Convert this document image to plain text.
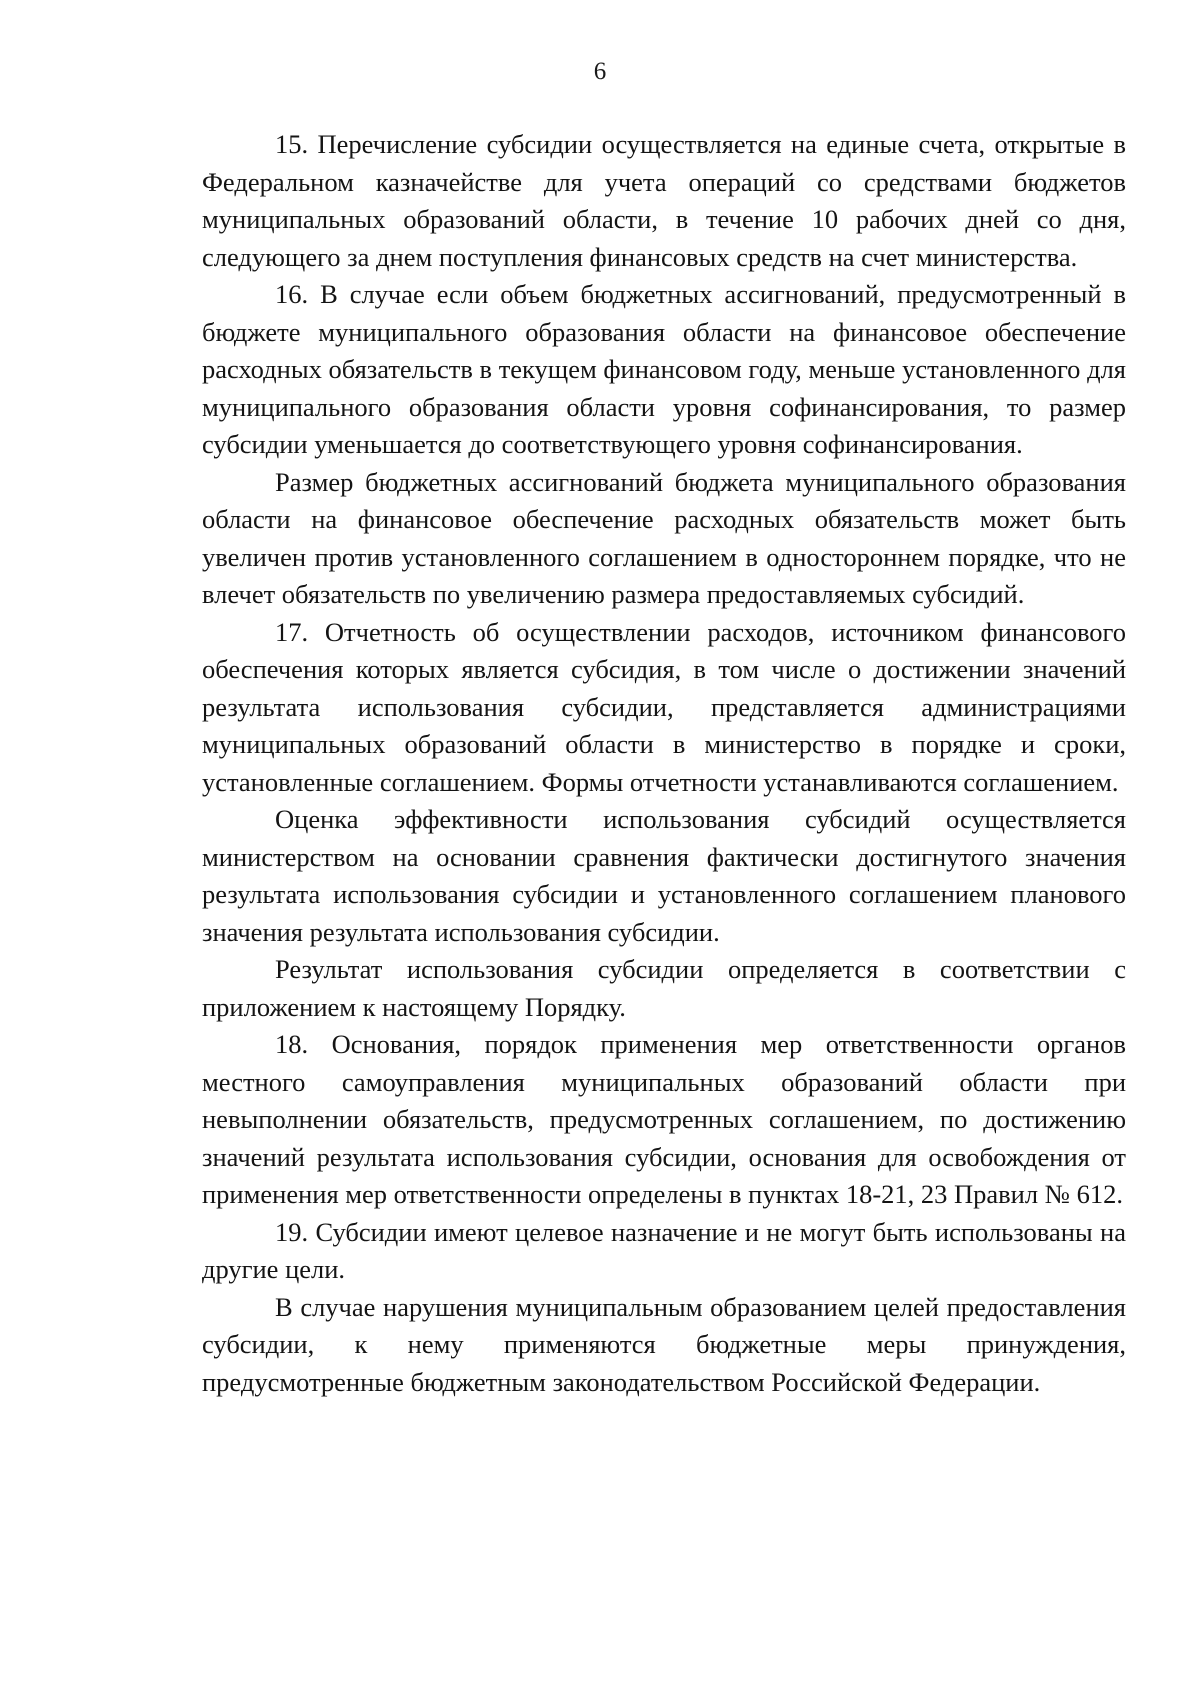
6

15. Перечисление субсидии осуществляется на единые счета, открытые в Федеральном казначействе для учета операций со средствами бюджетов муниципальных образований области, в течение 10 рабочих дней со дня, следующего за днем поступления финансовых средств на счет министерства.

16. В случае если объем бюджетных ассигнований, предусмотренный в бюджете муниципального образования области на финансовое обеспечение расходных обязательств в текущем финансовом году, меньше установленного для муниципального образования области уровня софинансирования, то размер субсидии уменьшается до соответствующего уровня софинансирования.

Размер бюджетных ассигнований бюджета муниципального образования области на финансовое обеспечение расходных обязательств может быть увеличен против установленного соглашением в одностороннем порядке, что не влечет обязательств по увеличению размера предоставляемых субсидий.

17. Отчетность об осуществлении расходов, источником финансового обеспечения которых является субсидия, в том числе о достижении значений результата использования субсидии, представляется администрациями муниципальных образований области в министерство в порядке и сроки, установленные соглашением. Формы отчетности устанавливаются соглашением.

Оценка эффективности использования субсидий осуществляется министерством на основании сравнения фактически достигнутого значения результата использования субсидии и установленного соглашением планового значения результата использования субсидии.

Результат использования субсидии определяется в соответствии с приложением к настоящему Порядку.

18. Основания, порядок применения мер ответственности органов местного самоуправления муниципальных образований области при невыполнении обязательств, предусмотренных соглашением, по достижению значений результата использования субсидии, основания для освобождения от применения мер ответственности определены в пунктах 18-21, 23 Правил № 612.

19. Субсидии имеют целевое назначение и не могут быть использованы на другие цели.

В случае нарушения муниципальным образованием целей предоставления субсидии, к нему применяются бюджетные меры принуждения, предусмотренные бюджетным законодательством Российской Федерации.
